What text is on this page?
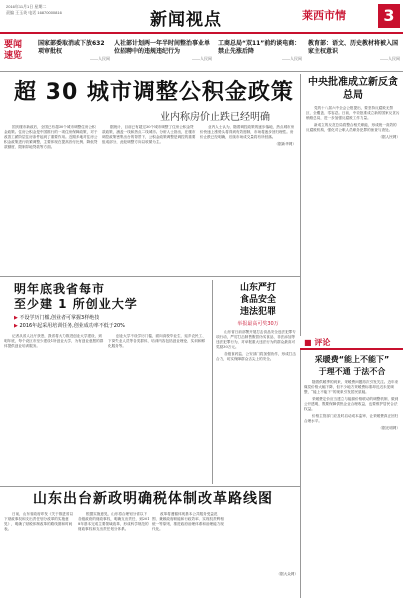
2016年11月1日 星期二
责编 王玉英 电话 16870000816	新闻视点	莱西市情	3
要闻速览
国家部委取消或下放632项审批权
——人民网
人社部计划两一年半时间整治事业单位招聘中的违规违纪行为
——人民网
工商总局“双11”前约谈电商：禁止先涨后降
——人民网
教育部：语文、历史教材将被入国家主权意识
——人民网
超 30 城市调整公积金政策
业内称房价止跌已经明确

国庆楼市新政后，全国已有超30个城市调整住房公积金政策。住房公积金是中国推行的一项住房保障政策，对于改善工薪阶层住房条件起到了重要作用。近期多地对住房公积金政策进行收紧调整，主要体现在提高首付比例、降低贷款额度、限制异地贷款等方面。

据统计，目前已有超过30个城市调整了住房公积金贷款政策，涵盖一线和热点二线城市。分析人士指出，在楼市调控政策密集出台的背景下，公积金政策调整是调控的重要组成部分，此轮调整方向以收紧为主。

业内人士认为，随着调控政策的逐步落地，热点城市房价快速上涨势头将得到有效遏制，市场将逐步回归理性。房价止跌已经明确，后续市场成交量将有所回落。

（据新华网）
中央批准成立新反贪总局

党的十八届六中全会公报提出，要坚持反腐败无禁区、全覆盖、零容忍。日前，中央批准成立新的国家反贪污贿赂总局，进一步加强反腐败工作力量。

新成立的反贪总局将整合相关职能，形成统一高效的反腐败机构，强化对公职人员职务犯罪的侦查与查处。

（据人民网）
明年底我省每市
至少建 1 所创业大学
▶ 不设学历门槛,创业者可掌握3样绝技
▶ 2016年起采用培训任务,创业成功率不低于20%

记者从省人社厅获悉，我省将大力推进创业大学建设，到明年底，每个设区市至少建设1所创业大学，为有创业意愿的群体提供创业培训服务。

创业大学不设学历门槛，面向高校毕业生、返乡农民工、下岗失业人员等各类群体，培训内容包括创业理论、实训和孵化服务等。

山东严打
食品安全
违法犯罪
举报最高可奖30万

山东省日前部署开展打击食品安全违法犯罪专项行动，严厉打击制售假冒伪劣食品、非法添加等违法犯罪行为，对举报重大违法行为的群众最高可奖励30万元。

各级食药监、公安部门将加强协作，形成打击合力，切实保障群众舌尖上的安全。

■ 评论
采暖费“能上不能下”
于理不通 于法不合

随着供暖季的到来，采暖费问题再次引发关注。近年来煤炭价格大幅下降，但不少地方采暖费标准却迟迟未见调整，“能上不能下”的现象引发居民质疑。

采暖费定价应当建立与能源价格联动的调整机制，做到公开透明，既要保障供热企业合理收益，也要维护居民合法权益。

价格主管部门应及时启动成本监审，让采暖费真正回归合理水平。

（据光明网）
山东出台新政明确税体制改革路线图

日前，山东省政府印发《关于推进省以下财政事权和支出责任划分改革的实施意见》，明确了财税体制改革的路线图和时间表。

根据实施意见，山东将合理划分省以下各级政府的财政事权，明确支出责任，到2018年基本完成主要领域改革，形成科学规范的财政事权和支出责任划分体系。

改革将遵循体现基本公共服务受益范围、兼顾政府职能和行政效率、实现权责利相统一等原则，推进政府治理体系和治理能力现代化。

（据大众网）
